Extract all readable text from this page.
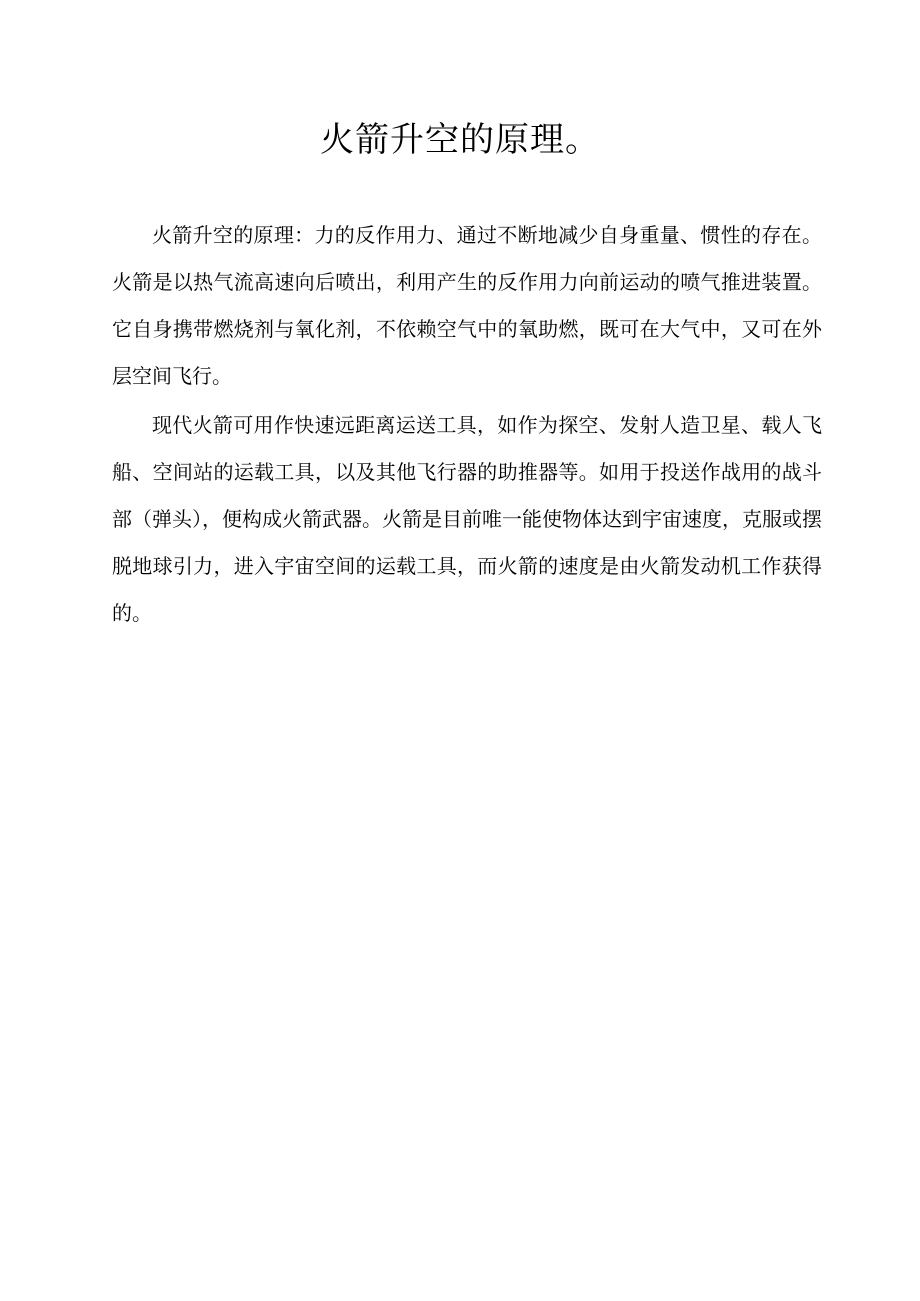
火箭升空的原理。

火箭升空的原理：力的反作用力、通过不断地减少自身重量、惯性的存在。火箭是以热气流高速向后喷出，利用产生的反作用力向前运动的喷气推进装置。它自身携带燃烧剂与氧化剂，不依赖空气中的氧助燃，既可在大气中，又可在外层空间飞行。

现代火箭可用作快速远距离运送工具，如作为探空、发射人造卫星、载人飞船、空间站的运载工具，以及其他飞行器的助推器等。如用于投送作战用的战斗部（弹头），便构成火箭武器。火箭是目前唯一能使物体达到宇宙速度，克服或摆脱地球引力，进入宇宙空间的运载工具，而火箭的速度是由火箭发动机工作获得的。
